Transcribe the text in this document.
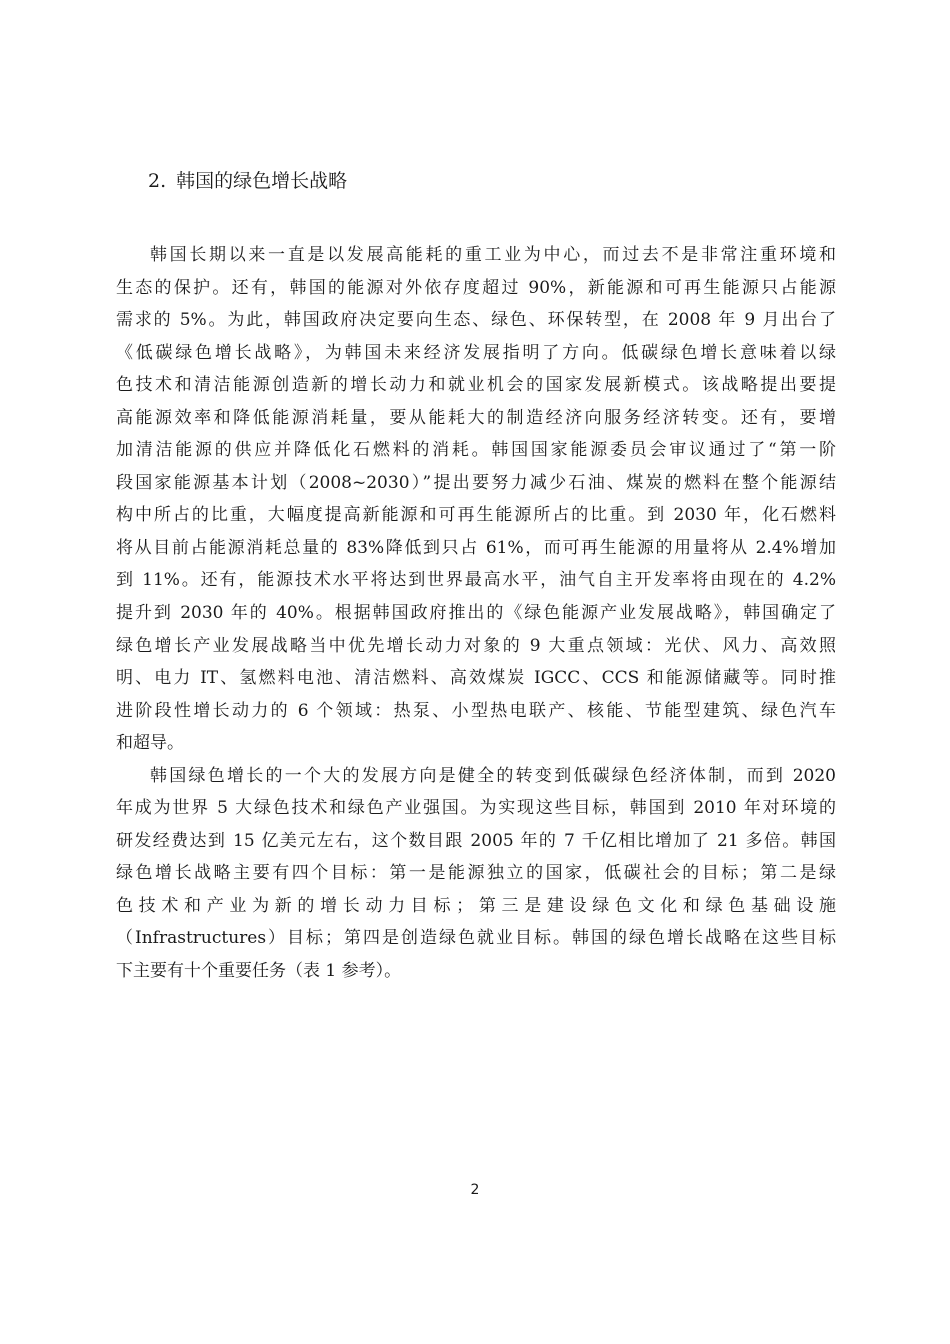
2. 韩国的绿色增长战略
韩国长期以来一直是以发展高能耗的重工业为中心，而过去不是非常注重环境和
生态的保护。还有，韩国的能源对外依存度超过 90%，新能源和可再生能源只占能源
需求的 5%。为此，韩国政府决定要向生态、绿色、环保转型，在 2008 年 9 月出台了
《低碳绿色增长战略》，为韩国未来经济发展指明了方向。低碳绿色增长意味着以绿
色技术和清洁能源创造新的增长动力和就业机会的国家发展新模式。该战略提出要提
高能源效率和降低能源消耗量，要从能耗大的制造经济向服务经济转变。还有，要增
加清洁能源的供应并降低化石燃料的消耗。韩国国家能源委员会审议通过了“第一阶
段国家能源基本计划（2008~2030）”提出要努力减少石油、煤炭的燃料在整个能源结
构中所占的比重，大幅度提高新能源和可再生能源所占的比重。到 2030 年，化石燃料
将从目前占能源消耗总量的 83%降低到只占 61%，而可再生能源的用量将从 2.4%增加
到 11%。还有，能源技术水平将达到世界最高水平，油气自主开发率将由现在的 4.2%
提升到 2030 年的 40%。根据韩国政府推出的《绿色能源产业发展战略》，韩国确定了
绿色增长产业发展战略当中优先增长动力对象的 9 大重点领域：光伏、风力、高效照
明、电力 IT、氢燃料电池、清洁燃料、高效煤炭 IGCC、CCS 和能源储藏等。同时推
进阶段性增长动力的 6 个领域：热泵、小型热电联产、核能、节能型建筑、绿色汽车
和超导。
韩国绿色增长的一个大的发展方向是健全的转变到低碳绿色经济体制，而到 2020
年成为世界 5 大绿色技术和绿色产业强国。为实现这些目标，韩国到 2010 年对环境的
研发经费达到 15 亿美元左右，这个数目跟 2005 年的 7 千亿相比增加了 21 多倍。韩国
绿色增长战略主要有四个目标：第一是能源独立的国家，低碳社会的目标；第二是绿
色技术和产业为新的增长动力目标；第三是建设绿色文化和绿色基础设施
（Infrastructures）目标；第四是创造绿色就业目标。韩国的绿色增长战略在这些目标
下主要有十个重要任务（表 1 参考）。
2
